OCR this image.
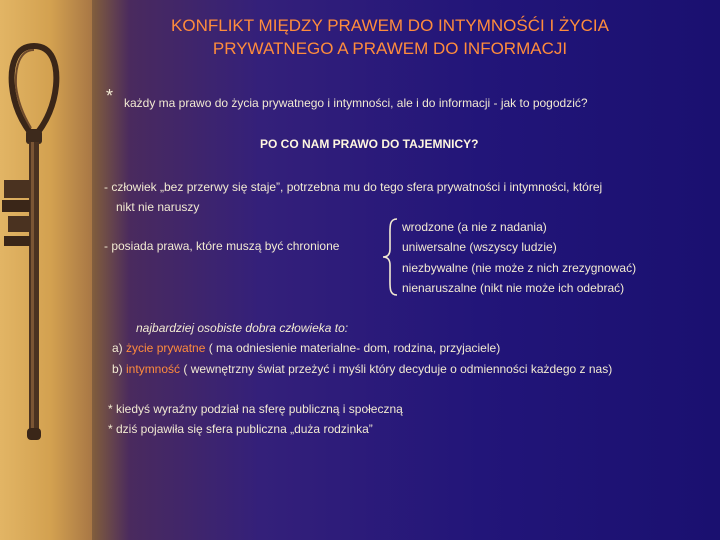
KONFLIKT MIĘDZY PRAWEM DO INTYMNOŚĆI I ŻYCIA
PRYWATNEGO A PRAWEM DO INFORMACJI
* każdy ma prawo do życia prywatnego i intymności, ale i do informacji - jak to pogodzić?
PO CO NAM PRAWO DO TAJEMNICY?
- człowiek „bez przerwy się staje”, potrzebna mu do tego sfera prywatności i intymności, której
nikt nie naruszy
- posiada prawa, które muszą być chronione
wrodzone (a nie z nadania)
uniwersalne (wszyscy ludzie)
niezbywalne (nie może z nich zrezygnować)
nienaruszalne (nikt nie może ich odebrać)
najbardziej osobiste dobra człowieka to:
a) życie prywatne ( ma odniesienie materialne- dom, rodzina, przyjaciele)
b) intymność ( wewnętrzny świat przeżyć i myśli który decyduje o odmienności każdego z nas)
* kiedyś wyraźny podział na sferę publiczną i społeczną
* dziś pojawiła się sfera publiczna „duża rodzinka”
